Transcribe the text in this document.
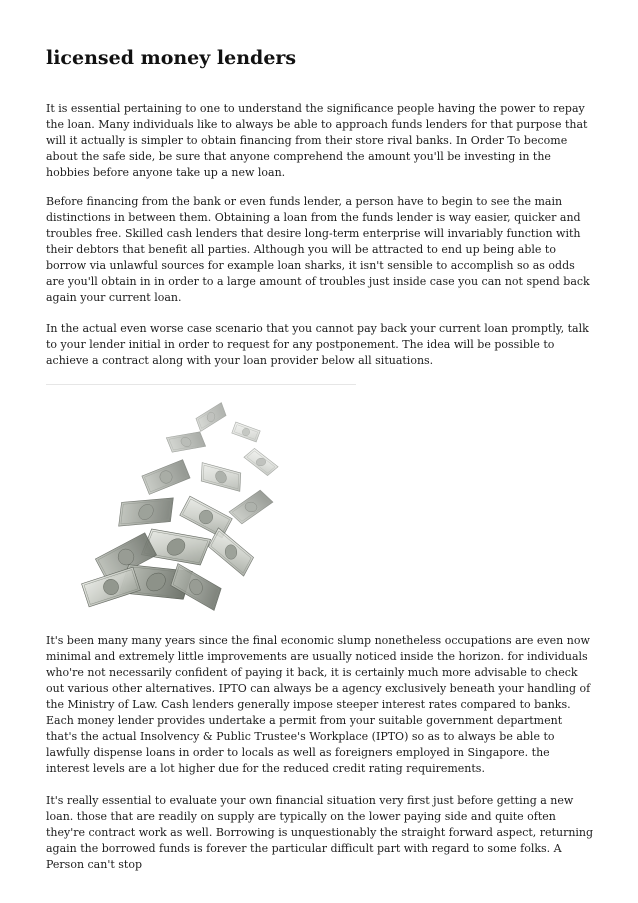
licensed money lenders

It is essential pertaining to one to understand the significance people having the power to repay the loan. Many individuals like to always be able to approach funds lenders for that purpose that will it actually is simpler to obtain financing from their store rival banks. In Order To become about the safe side, be sure that anyone comprehend the amount you'll be investing in the hobbies before anyone take up a new loan.

Before financing from the bank or even funds lender, a person have to begin to see the main distinctions in between them. Obtaining a loan from the funds lender is way easier, quicker and troubles free. Skilled cash lenders that desire long-term enterprise will invariably function with their debtors that benefit all parties. Although you will be attracted to end up being able to borrow via unlawful sources for example loan sharks, it isn't sensible to accomplish so as odds are you'll obtain in in order to a large amount of troubles just inside case you can not spend back again your current loan.

In the actual even worse case scenario that you cannot pay back your current loan promptly, talk to your lender initial in order to request for any postponement. The idea will be possible to achieve a contract along with your loan provider below all situations.

It's been many many years since the final economic slump nonetheless occupations are even now minimal and extremely little improvements are usually noticed inside the horizon. for individuals who're not necessarily confident of paying it back, it is certainly much more advisable to check out various other alternatives. IPTO can always be a agency exclusively beneath your handling of the Ministry of Law. Cash lenders generally impose steeper interest rates compared to banks. Each money lender provides undertake a permit from your suitable government department that's the actual Insolvency & Public Trustee's Workplace (IPTO) so as to always be able to lawfully dispense loans in order to locals as well as foreigners employed in Singapore. the interest levels are a lot higher due for the reduced credit rating requirements.

It's really essential to evaluate your own financial situation very first just before getting a new loan. those that are readily on supply are typically on the lower paying side and quite often they're contract work as well. Borrowing is unquestionably the straight forward aspect, returning again the borrowed funds is forever the particular difficult part with regard to some folks. A Person can't stop
